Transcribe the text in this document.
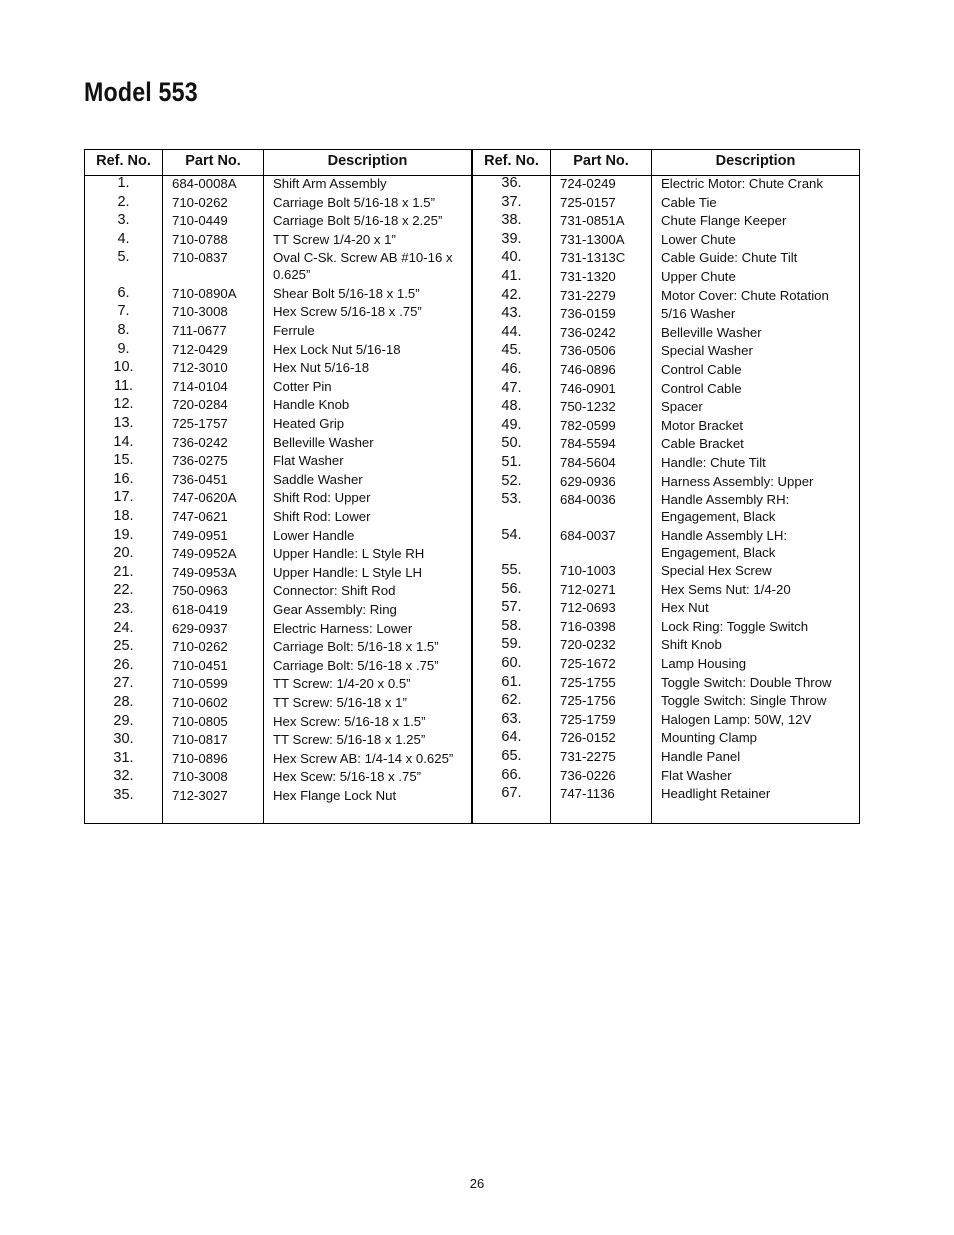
Model 553
Ref. No.	Part No.	Description
1.	684-0008A	Shift Arm Assembly
2.	710-0262	Carriage Bolt 5/16-18 x 1.5”
3.	710-0449	Carriage Bolt 5/16-18 x 2.25”
4.	710-0788	TT Screw 1/4-20 x 1”
5.	710-0837	Oval C-Sk. Screw AB #10-16 x 0.625”
6.	710-0890A	Shear Bolt 5/16-18 x 1.5”
7.	710-3008	Hex Screw 5/16-18 x .75”
8.	711-0677	Ferrule
9.	712-0429	Hex Lock Nut 5/16-18
10.	712-3010	Hex Nut 5/16-18
11.	714-0104	Cotter Pin
12.	720-0284	Handle Knob
13.	725-1757	Heated Grip
14.	736-0242	Belleville Washer
15.	736-0275	Flat Washer
16.	736-0451	Saddle Washer
17.	747-0620A	Shift Rod: Upper
18.	747-0621	Shift Rod: Lower
19.	749-0951	Lower Handle
20.	749-0952A	Upper Handle: L Style RH
21.	749-0953A	Upper Handle: L Style LH
22.	750-0963	Connector: Shift Rod
23.	618-0419	Gear Assembly: Ring
24.	629-0937	Electric Harness: Lower
25.	710-0262	Carriage Bolt: 5/16-18 x 1.5”
26.	710-0451	Carriage Bolt: 5/16-18 x .75”
27.	710-0599	TT Screw: 1/4-20 x 0.5”
28.	710-0602	TT Screw: 5/16-18 x 1”
29.	710-0805	Hex Screw: 5/16-18 x 1.5”
30.	710-0817	TT Screw: 5/16-18 x 1.25”
31.	710-0896	Hex Screw AB: 1/4-14 x 0.625”
32.	710-3008	Hex Scew: 5/16-18 x .75”
35.	712-3027	Hex Flange Lock Nut
Ref. No.	Part No.	Description
36.	724-0249	Electric Motor: Chute Crank
37.	725-0157	Cable Tie
38.	731-0851A	Chute Flange Keeper
39.	731-1300A	Lower Chute
40.	731-1313C	Cable Guide: Chute Tilt
41.	731-1320	Upper Chute
42.	731-2279	Motor Cover: Chute Rotation
43.	736-0159	5/16 Washer
44.	736-0242	Belleville Washer
45.	736-0506	Special Washer
46.	746-0896	Control Cable
47.	746-0901	Control Cable
48.	750-1232	Spacer
49.	782-0599	Motor Bracket
50.	784-5594	Cable Bracket
51.	784-5604	Handle: Chute Tilt
52.	629-0936	Harness Assembly: Upper
53.	684-0036	Handle Assembly RH: Engagement, Black
54.	684-0037	Handle Assembly LH: Engagement, Black
55.	710-1003	Special Hex Screw
56.	712-0271	Hex Sems Nut: 1/4-20
57.	712-0693	Hex Nut
58.	716-0398	Lock Ring: Toggle Switch
59.	720-0232	Shift Knob
60.	725-1672	Lamp Housing
61.	725-1755	Toggle Switch: Double Throw
62.	725-1756	Toggle Switch: Single Throw
63.	725-1759	Halogen Lamp: 50W, 12V
64.	726-0152	Mounting Clamp
65.	731-2275	Handle Panel
66.	736-0226	Flat Washer
67.	747-1136	Headlight Retainer
26
